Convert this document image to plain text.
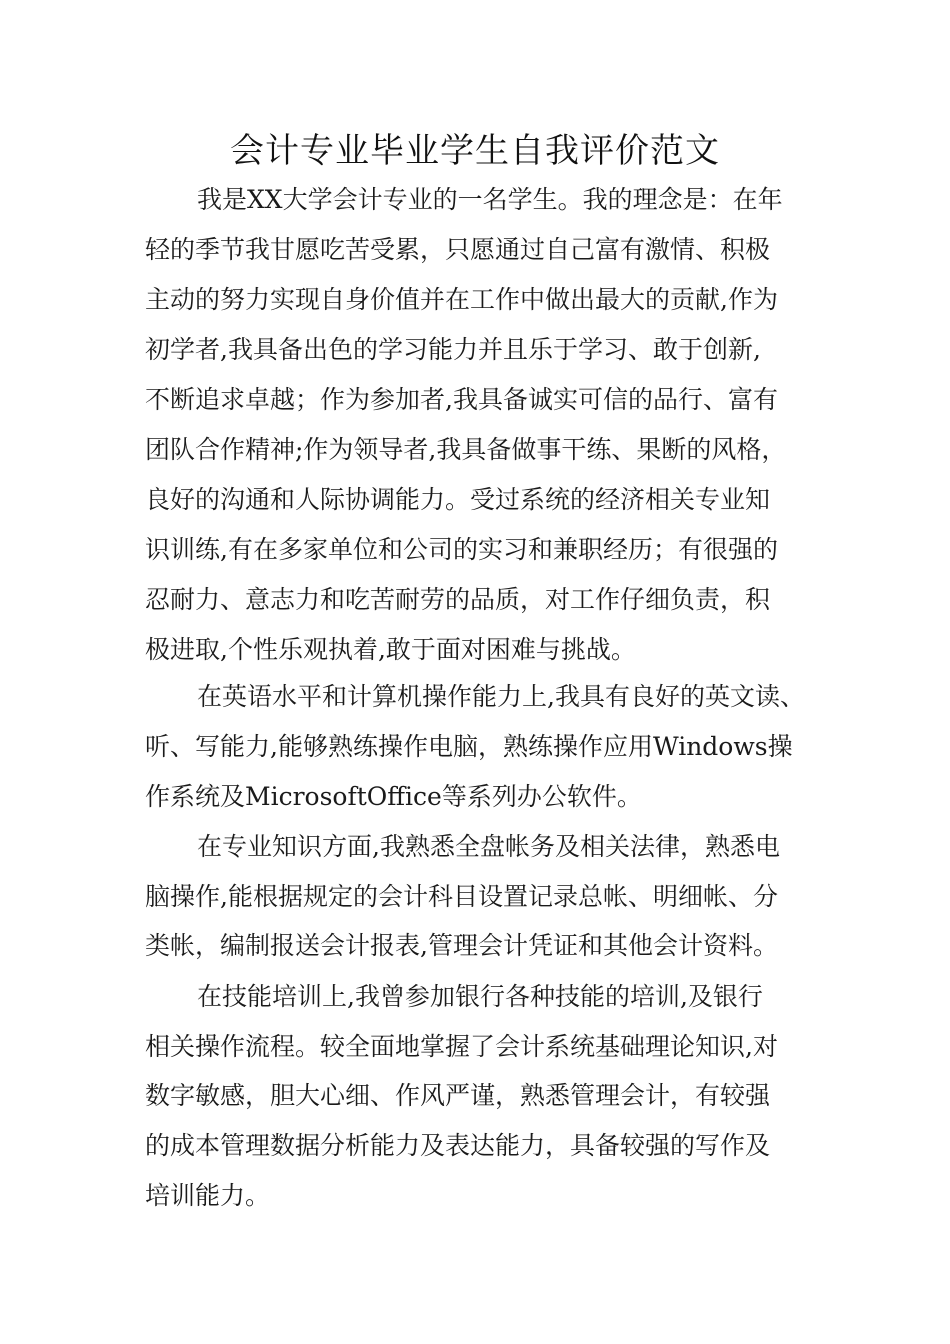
会计专业毕业学生自我评价范文

我是XX大学会计专业的一名学生。我的理念是：在年

轻的季节我甘愿吃苦受累，只愿通过自己富有激情、积极

主动的努力实现自身价值并在工作中做出最大的贡献,作为

初学者,我具备出色的学习能力并且乐于学习、敢于创新,

不断追求卓越；作为参加者,我具备诚实可信的品行、富有

团队合作精神;作为领导者,我具备做事干练、果断的风格，

良好的沟通和人际协调能力。受过系统的经济相关专业知

识训练,有在多家单位和公司的实习和兼职经历；有很强的

忍耐力、意志力和吃苦耐劳的品质，对工作仔细负责，积

极进取,个性乐观执着,敢于面对困难与挑战。

在英语水平和计算机操作能力上,我具有良好的英文读、

听、写能力,能够熟练操作电脑，熟练操作应用Windows操

作系统及MicrosoftOffice等系列办公软件。

在专业知识方面,我熟悉全盘帐务及相关法律，熟悉电

脑操作,能根据规定的会计科目设置记录总帐、明细帐、分

类帐，编制报送会计报表,管理会计凭证和其他会计资料。

在技能培训上,我曾参加银行各种技能的培训,及银行

相关操作流程。较全面地掌握了会计系统基础理论知识,对

数字敏感，胆大心细、作风严谨，熟悉管理会计，有较强

的成本管理数据分析能力及表达能力，具备较强的写作及

培训能力。
